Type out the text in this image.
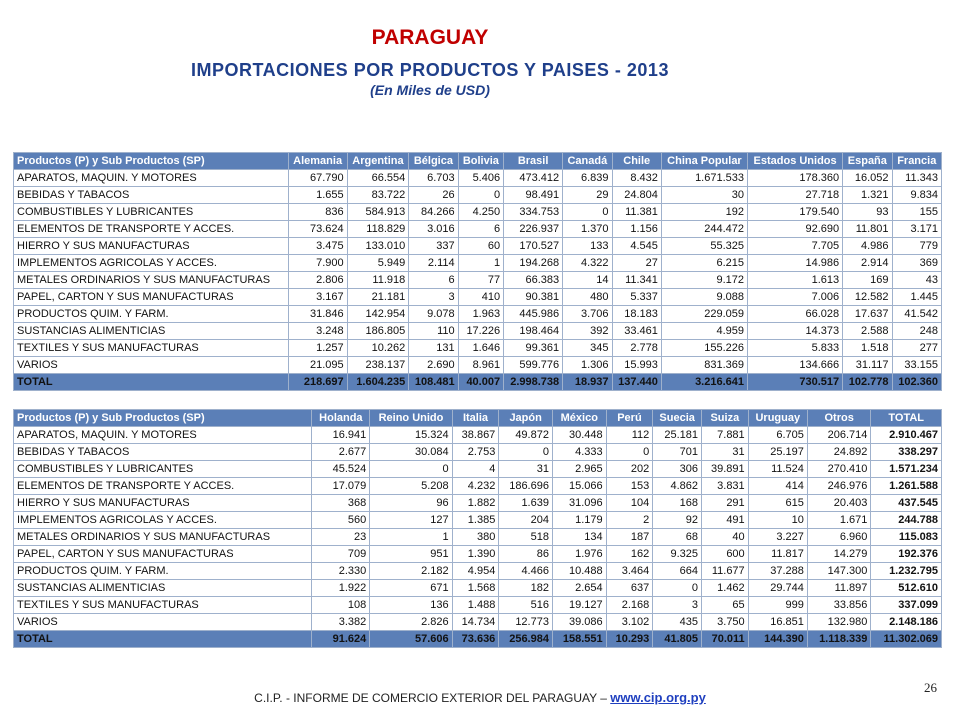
PARAGUAY
IMPORTACIONES POR PRODUCTOS Y PAISES - 2013
(En Miles de USD)
Productos (P) y Sub Productos (SP)	Alemania	Argentina	Bélgica	Bolivia	Brasil	Canadá	Chile	China Popular	Estados Unidos	España	Francia
APARATOS, MAQUIN. Y MOTORES	67.790	66.554	6.703	5.406	473.412	6.839	8.432	1.671.533	178.360	16.052	11.343
BEBIDAS Y TABACOS	1.655	83.722	26	0	98.491	29	24.804	30	27.718	1.321	9.834
COMBUSTIBLES Y LUBRICANTES	836	584.913	84.266	4.250	334.753	0	11.381	192	179.540	93	155
ELEMENTOS DE TRANSPORTE Y ACCES.	73.624	118.829	3.016	6	226.937	1.370	1.156	244.472	92.690	11.801	3.171
HIERRO Y SUS MANUFACTURAS	3.475	133.010	337	60	170.527	133	4.545	55.325	7.705	4.986	779
IMPLEMENTOS AGRICOLAS Y ACCES.	7.900	5.949	2.114	1	194.268	4.322	27	6.215	14.986	2.914	369
METALES ORDINARIOS Y SUS MANUFACTURAS	2.806	11.918	6	77	66.383	14	11.341	9.172	1.613	169	43
PAPEL, CARTON Y SUS MANUFACTURAS	3.167	21.181	3	410	90.381	480	5.337	9.088	7.006	12.582	1.445
PRODUCTOS QUIM. Y FARM.	31.846	142.954	9.078	1.963	445.986	3.706	18.183	229.059	66.028	17.637	41.542
SUSTANCIAS ALIMENTICIAS	3.248	186.805	110	17.226	198.464	392	33.461	4.959	14.373	2.588	248
TEXTILES Y SUS MANUFACTURAS	1.257	10.262	131	1.646	99.361	345	2.778	155.226	5.833	1.518	277
VARIOS	21.095	238.137	2.690	8.961	599.776	1.306	15.993	831.369	134.666	31.117	33.155
TOTAL	218.697	1.604.235	108.481	40.007	2.998.738	18.937	137.440	3.216.641	730.517	102.778	102.360
Productos (P) y Sub Productos (SP)	Holanda	Reino Unido	Italia	Japón	México	Perú	Suecia	Suiza	Uruguay	Otros	TOTAL
APARATOS, MAQUIN. Y MOTORES	16.941	15.324	38.867	49.872	30.448	112	25.181	7.881	6.705	206.714	2.910.467
BEBIDAS Y TABACOS	2.677	30.084	2.753	0	4.333	0	701	31	25.197	24.892	338.297
COMBUSTIBLES Y LUBRICANTES	45.524	0	4	31	2.965	202	306	39.891	11.524	270.410	1.571.234
ELEMENTOS DE TRANSPORTE Y ACCES.	17.079	5.208	4.232	186.696	15.066	153	4.862	3.831	414	246.976	1.261.588
HIERRO Y SUS MANUFACTURAS	368	96	1.882	1.639	31.096	104	168	291	615	20.403	437.545
IMPLEMENTOS AGRICOLAS Y ACCES.	560	127	1.385	204	1.179	2	92	491	10	1.671	244.788
METALES ORDINARIOS Y SUS MANUFACTURAS	23	1	380	518	134	187	68	40	3.227	6.960	115.083
PAPEL, CARTON Y SUS MANUFACTURAS	709	951	1.390	86	1.976	162	9.325	600	11.817	14.279	192.376
PRODUCTOS QUIM. Y FARM.	2.330	2.182	4.954	4.466	10.488	3.464	664	11.677	37.288	147.300	1.232.795
SUSTANCIAS ALIMENTICIAS	1.922	671	1.568	182	2.654	637	0	1.462	29.744	11.897	512.610
TEXTILES Y SUS MANUFACTURAS	108	136	1.488	516	19.127	2.168	3	65	999	33.856	337.099
VARIOS	3.382	2.826	14.734	12.773	39.086	3.102	435	3.750	16.851	132.980	2.148.186
TOTAL	91.624	57.606	73.636	256.984	158.551	10.293	41.805	70.011	144.390	1.118.339	11.302.069
C.I.P. - INFORME DE COMERCIO EXTERIOR DEL PARAGUAY – www.cip.org.py
26
